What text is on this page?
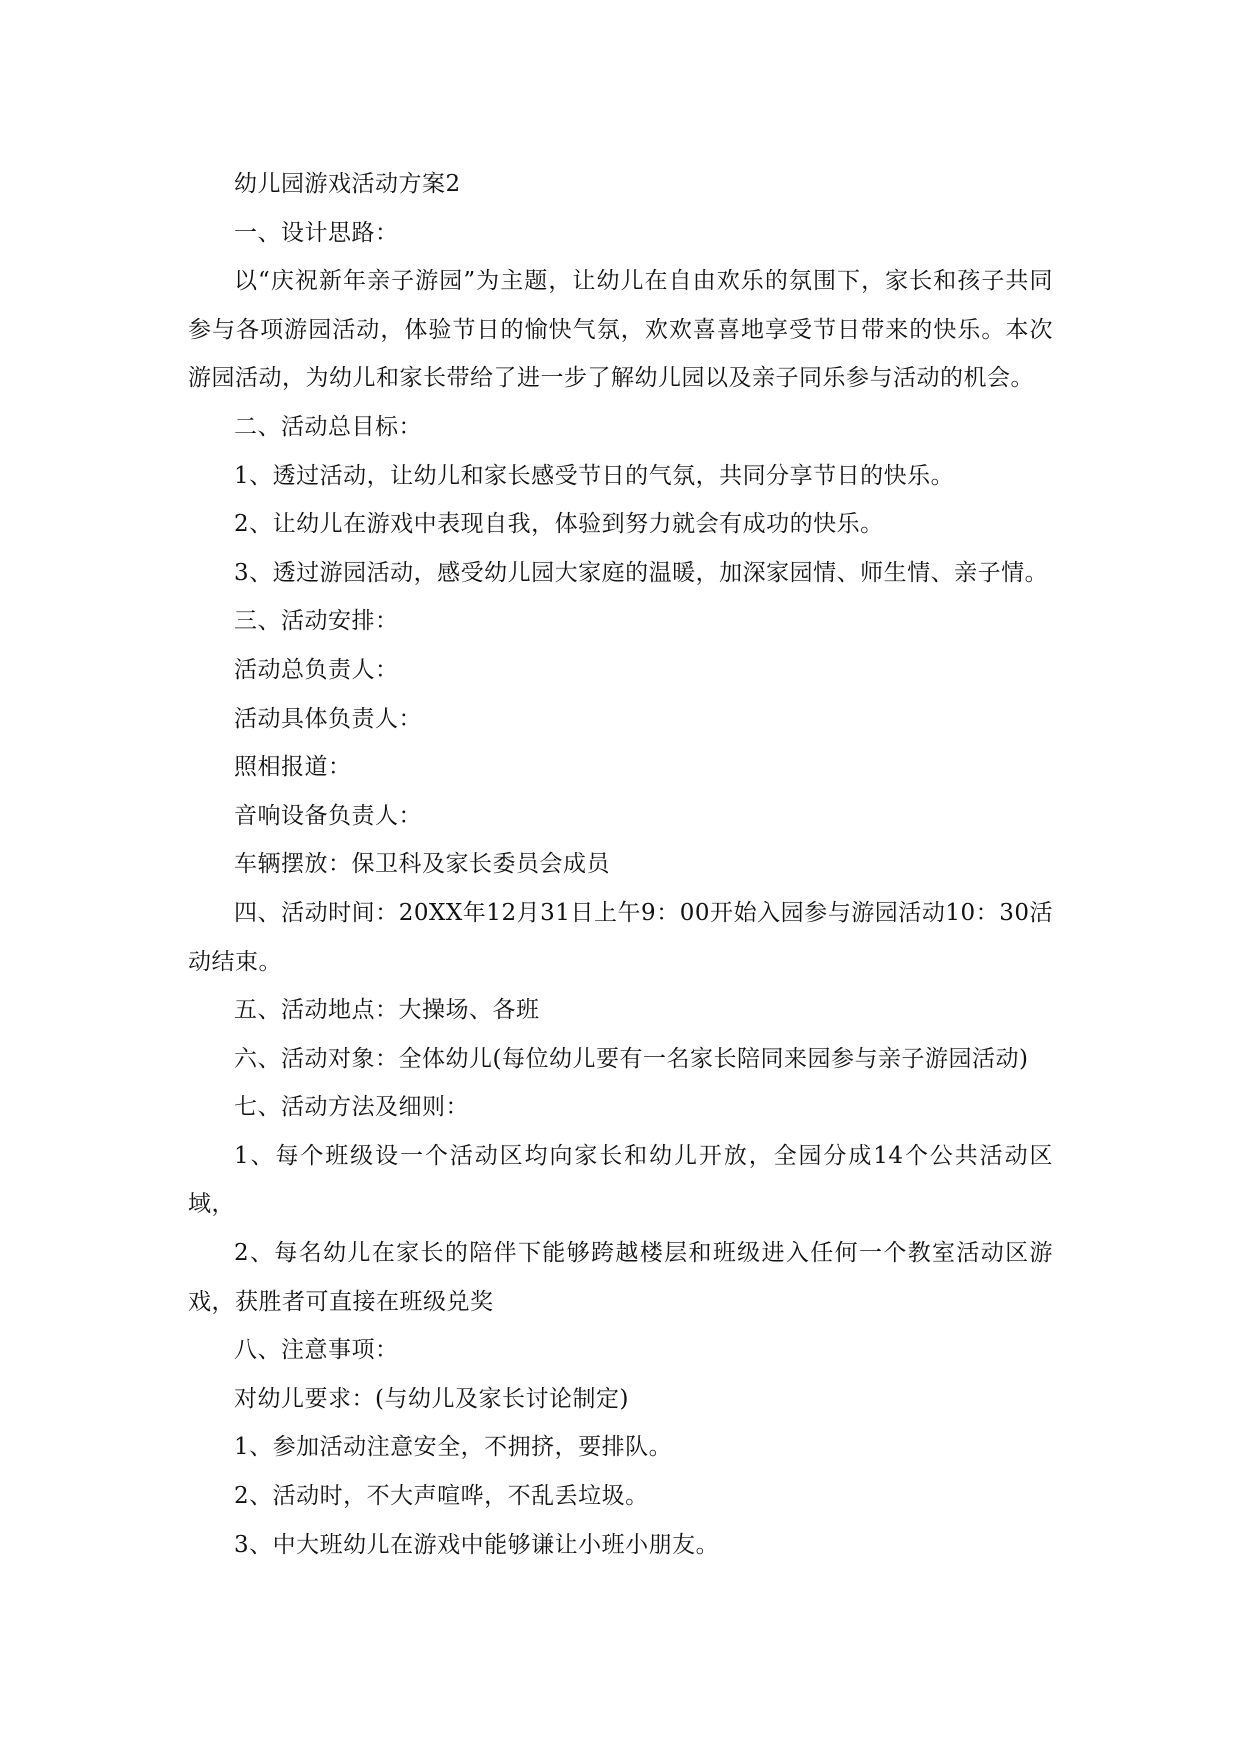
幼儿园游戏活动方案2

一、设计思路：

以“庆祝新年亲子游园”为主题，让幼儿在自由欢乐的氛围下，家长和孩子共同参与各项游园活动，体验节日的愉快气氛，欢欢喜喜地享受节日带来的快乐。本次游园活动，为幼儿和家长带给了进一步了解幼儿园以及亲子同乐参与活动的机会。

二、活动总目标：

1、透过活动，让幼儿和家长感受节日的气氛，共同分享节日的快乐。

2、让幼儿在游戏中表现自我，体验到努力就会有成功的快乐。

3、透过游园活动，感受幼儿园大家庭的温暖，加深家园情、师生情、亲子情。

三、活动安排：

活动总负责人：

活动具体负责人：

照相报道：

音响设备负责人：

车辆摆放：保卫科及家长委员会成员

四、活动时间：20XX年12月31日上午9：00开始入园参与游园活动10：30活动结束。

五、活动地点：大操场、各班

六、活动对象：全体幼儿(每位幼儿要有一名家长陪同来园参与亲子游园活动)

七、活动方法及细则：

1、每个班级设一个活动区均向家长和幼儿开放，全园分成14个公共活动区域，

2、每名幼儿在家长的陪伴下能够跨越楼层和班级进入任何一个教室活动区游戏，获胜者可直接在班级兑奖

八、注意事项：

对幼儿要求：(与幼儿及家长讨论制定)

1、参加活动注意安全，不拥挤，要排队。

2、活动时，不大声喧哗，不乱丢垃圾。

3、中大班幼儿在游戏中能够谦让小班小朋友。
